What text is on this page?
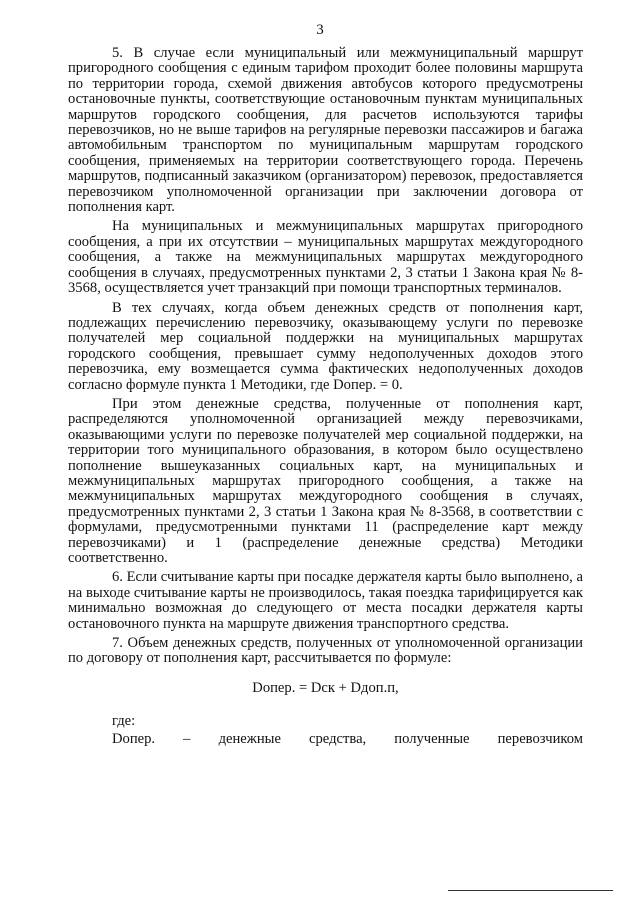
3

5. В случае если муниципальный или межмуниципальный маршрут пригородного сообщения с единым тарифом проходит более половины маршрута по территории города, схемой движения автобусов которого предусмотрены остановочные пункты, соответствующие остановочным пунктам муниципальных маршрутов городского сообщения, для расчетов используются тарифы перевозчиков, но не выше тарифов на регулярные перевозки пассажиров и багажа автомобильным транспортом по муниципальным маршрутам городского сообщения, применяемых на территории соответствующего города. Перечень маршрутов, подписанный заказчиком (организатором) перевозок, предоставляется перевозчиком уполномоченной организации при заключении договора от пополнения карт.

На муниципальных и межмуниципальных маршрутах пригородного сообщения, а при их отсутствии – муниципальных маршрутах междугородного сообщения, а также на межмуниципальных маршрутах междугородного сообщения в случаях, предусмотренных пунктами 2, 3 статьи 1 Закона края № 8-3568, осуществляется учет транзакций при помощи транспортных терминалов.

В тех случаях, когда объем денежных средств от пополнения карт, подлежащих перечислению перевозчику, оказывающему услуги по перевозке получателей мер социальной поддержки на муниципальных маршрутах городского сообщения, превышает сумму недополученных доходов этого перевозчика, ему возмещается сумма фактических недополученных доходов согласно формуле пункта 1 Методики, где Dопер. = 0.

При этом денежные средства, полученные от пополнения карт, распределяются уполномоченной организацией между перевозчиками, оказывающими услуги по перевозке получателей мер социальной поддержки, на территории того муниципального образования, в котором было осуществлено пополнение вышеуказанных социальных карт, на муниципальных и межмуниципальных маршрутах пригородного сообщения, а также на межмуниципальных маршрутах междугородного сообщения в случаях, предусмотренных пунктами 2, 3 статьи 1 Закона края № 8-3568, в соответствии с формулами, предусмотренными пунктами 11 (распределение карт между перевозчиками) и 1 (распределение денежные средства) Методики соответственно.

6. Если считывание карты при посадке держателя карты было выполнено, а на выходе считывание карты не производилось, такая поездка тарифицируется как минимально возможная до следующего от места посадки держателя карты остановочного пункта на маршруте движения транспортного средства.

7. Объем денежных средств, полученных от уполномоченной организации по договору от пополнения карт, рассчитывается по формуле:

Dопер. = Dск + Dдоп.п,
где:
Dопер. – денежные средства, полученные перевозчиком
